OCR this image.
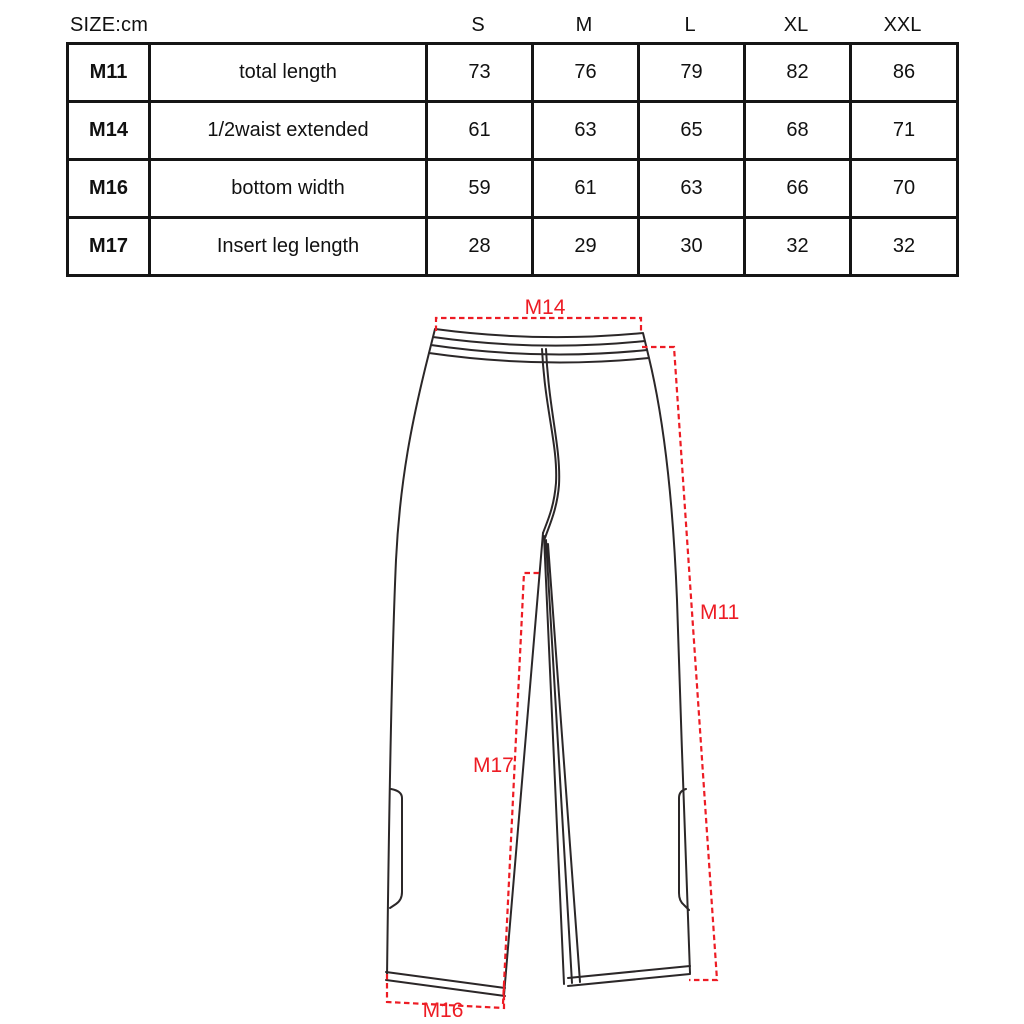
SIZE:cm	S	M	L	XL	XXL
M11	total length	73	76	79	82	86
M14	1/2waist extended	61	63	65	68	71
M16	bottom width	59	61	63	66	70
M17	Insert leg length	28	29	30	32	32
M14
M11
M17
M16
